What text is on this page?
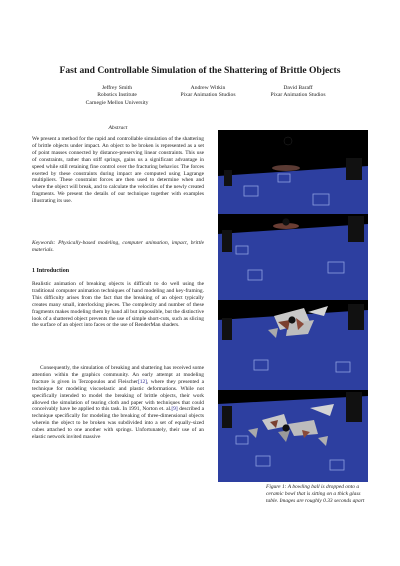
Fast and Controllable Simulation of the Shattering of Brittle Objects
Jeffrey Smith
Robotics Institute
Carnegie Mellon University
Andrew Witkin
Pixar Animation Studios
David Baraff
Pixar Animation Studios
Abstract
We present a method for the rapid and controllable simulation of the shattering of brittle objects under impact. An object to be broken is represented as a set of point masses connected by distance-preserving linear constraints. This use of constraints, rather than stiff springs, gains us a significant advantage in speed while still retaining fine control over the fracturing behavior. The forces exerted by these constraints during impact are computed using Lagrange multipliers. These constraint forces are then used to determine when and where the object will break, and to calculate the velocities of the newly created fragments. We present the details of our technique together with examples illustrating its use.
Keywords: Physically-based modeling, computer animation, impact, brittle materials.
1 Introduction
Realistic animation of breaking objects is difficult to do well using the traditional computer animation techniques of hand modeling and key-framing. This difficulty arises from the fact that the breaking of an object typically creates many small, interlocking pieces. The complexity and number of these fragments makes modeling them by hand all but impossible, but the distinctive look of a shattered object prevents the use of simple short-cuts, such as slicing the surface of an object into faces or the use of RenderMan shaders.
Consequently, the simulation of breaking and shattering has received some attention within the graphics community. An early attempt at modeling fracture is given in Terzopoulos and Fleischer[12], where they presented a technique for modeling viscoelastic and plastic deformations. While not specifically intended to model the breaking of brittle objects, their work allowed the simulation of tearing cloth and paper with techniques that could conceivably have be applied to this task. In 1991, Norton et. al.[9] described a technique specifically for modeling the breaking of three-dimensional objects wherein the object to be broken was subdivided into a set of equally-sized cubes attached to one another with springs. Unfortunately, their use of an elastic network invited massive
Figure 1: A bowling ball is dropped onto a ceramic bowl that is sitting on a thick glass table. Images are roughly 0.33 seconds apart
